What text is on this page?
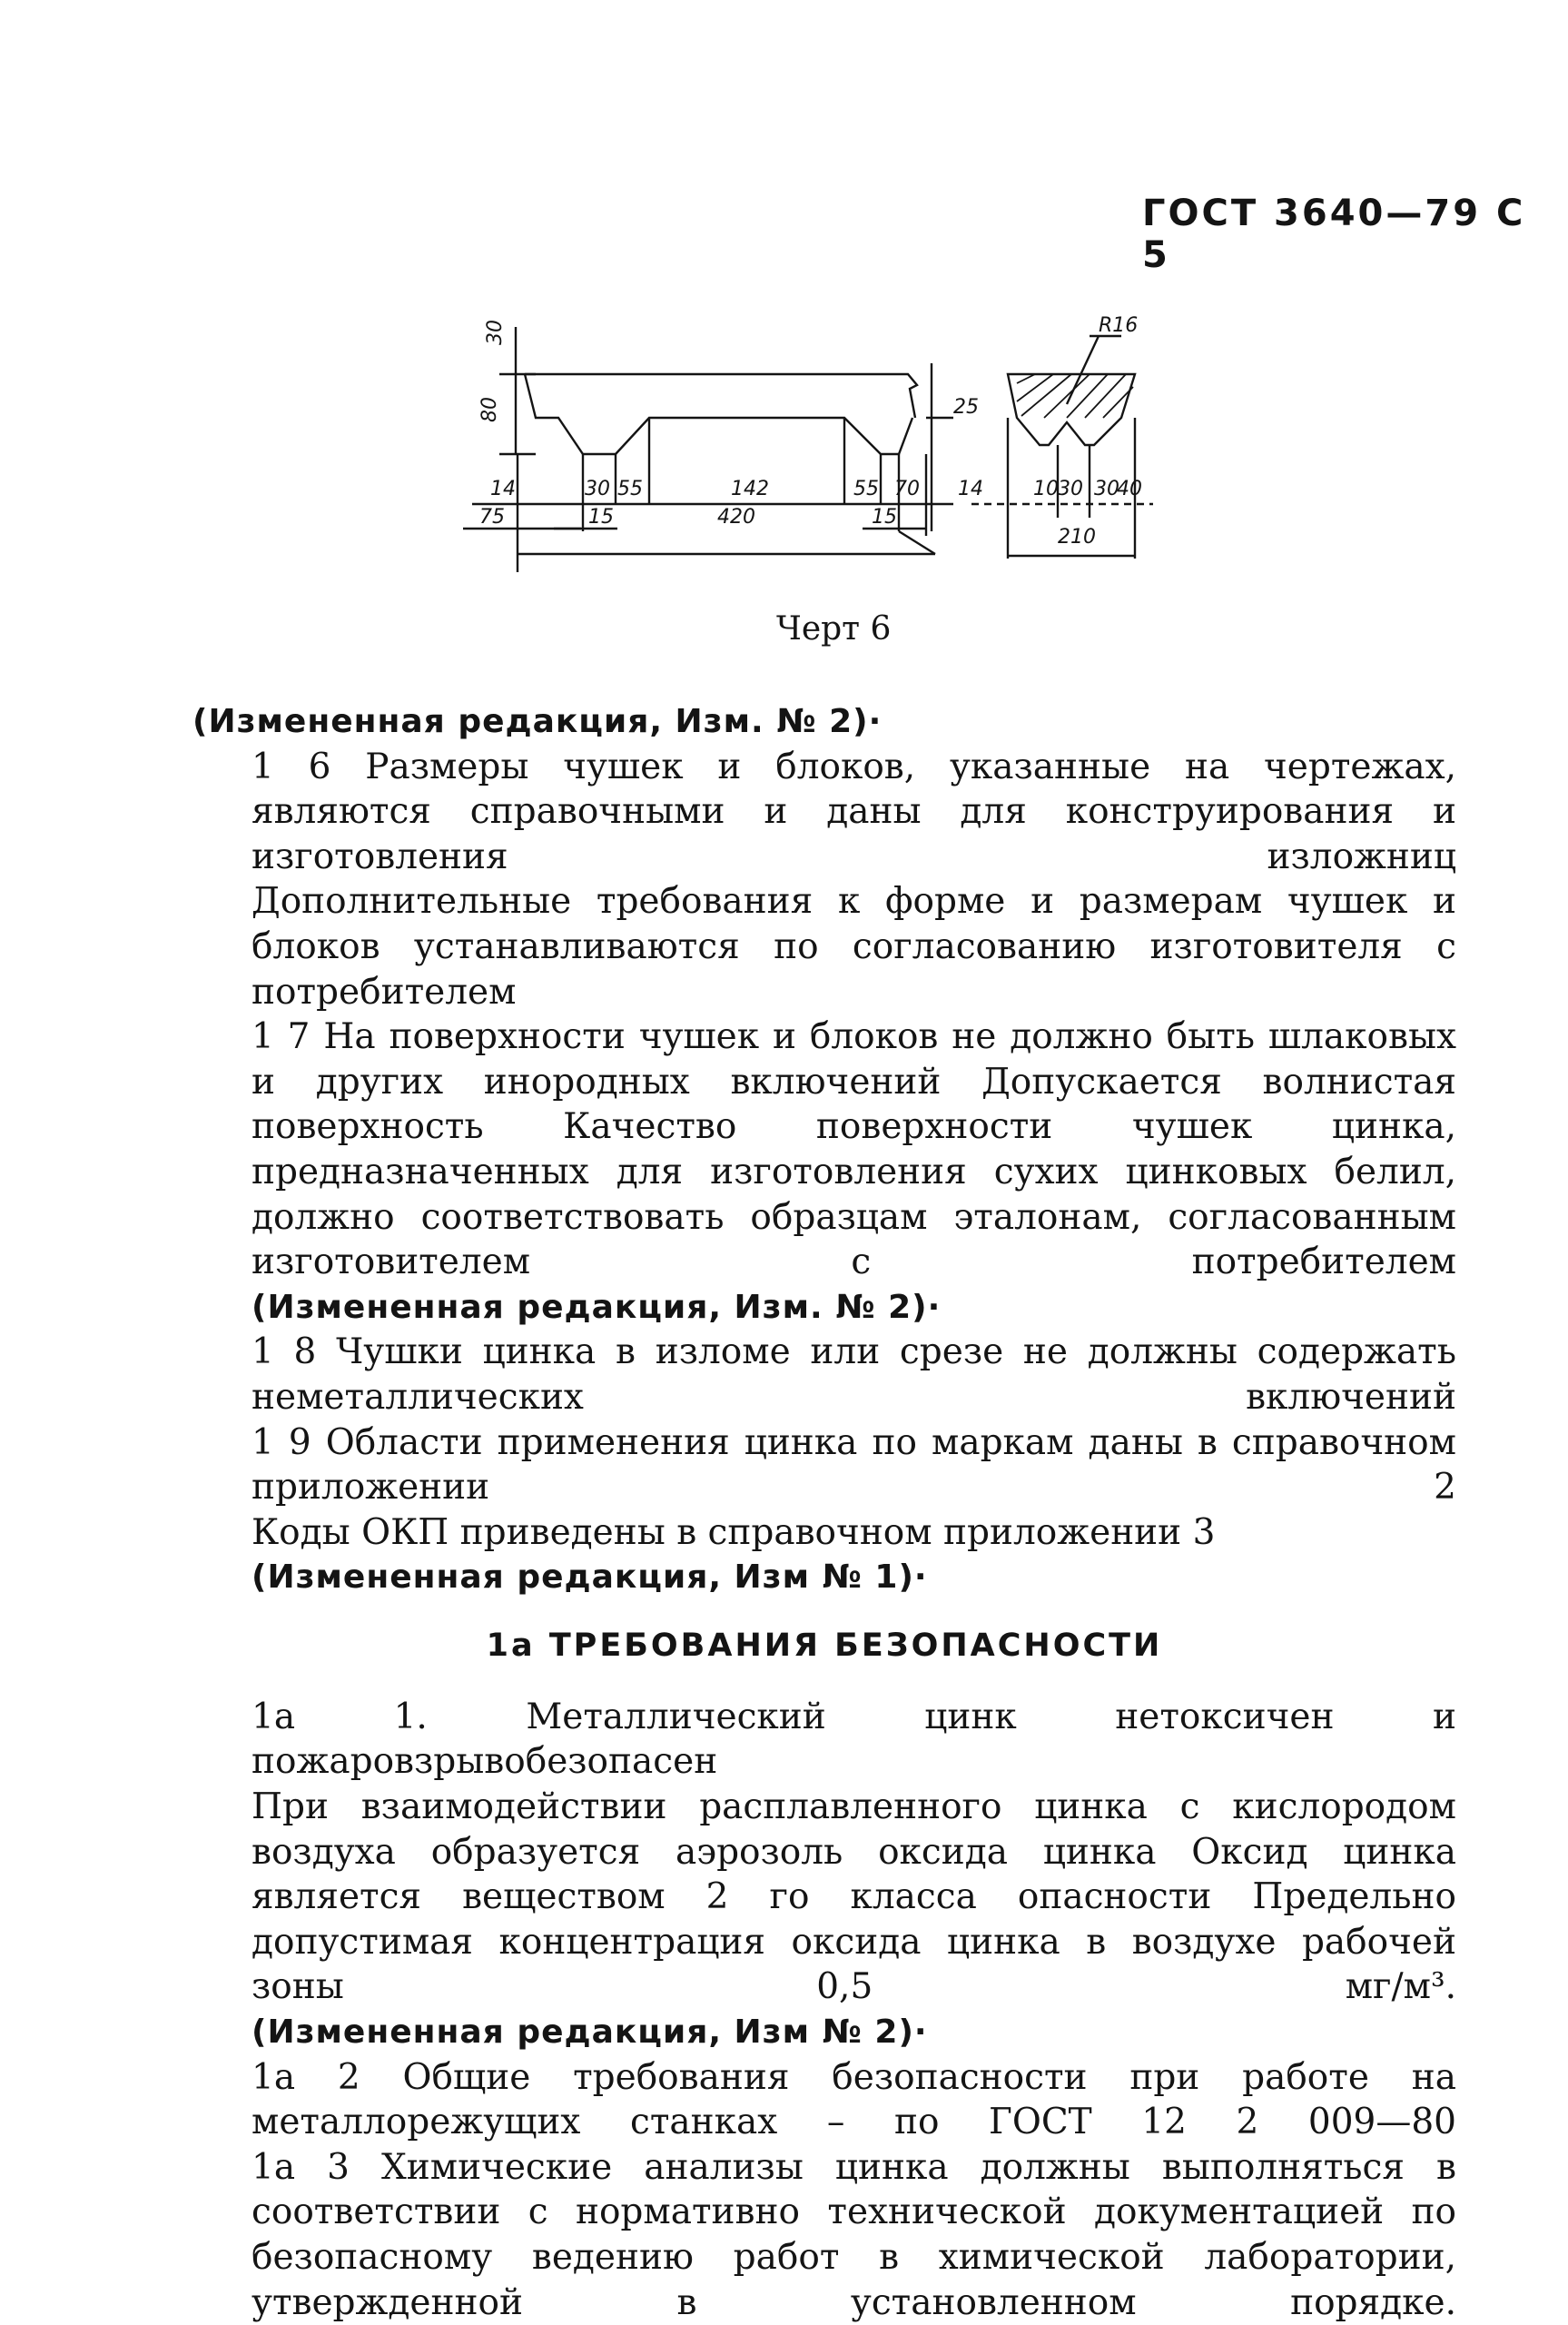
ГОСТ 3640—79 С 5
30
80
14
75
30 55	142	55 70
15	420	15
25
14
R16
10 30 30
40
210
Черт 6
(Измененная редакция, Изм. № 2)·
1 6 Размеры чушек и блоков, указанные на чертежах, являются справочными и даны для конструирования и изготовления изложниц
Дополнительные требования к форме и размерам чушек и блоков устанавливаются по согласованию изготовителя с потребителем
1 7 На поверхности чушек и блоков не должно быть шлаковых и других инородных включений Допускается волнистая поверхность Качество поверхности чушек цинка, предназначенных для изготовления сухих цинковых белил, должно соответствовать образцам эталонам, согласованным изготовителем с потребителем
(Измененная редакция, Изм. № 2)·
1 8 Чушки цинка в изломе или срезе не должны содержать неметаллических включений
1 9 Области применения цинка по маркам даны в справочном приложении 2
Коды ОКП приведены в справочном приложении 3
(Измененная редакция, Изм № 1)·
1а ТРЕБОВАНИЯ БЕЗОПАСНОСТИ
1а 1. Металлический цинк нетоксичен и пожаровзрывобезопасен
При взаимодействии расплавленного цинка с кислородом воздуха образуется аэрозоль оксида цинка Оксид цинка является веществом 2 го класса опасности Предельно допустимая концентрация оксида цинка в воздухе рабочей зоны 0,5 мг/м³.
(Измененная редакция, Изм № 2)·
1а 2 Общие требования безопасности при работе на металлорежущих станках – по ГОСТ 12 2 009—80
1а 3 Химические анализы цинка должны выполняться в соответствии с нормативно технической документацией по безопасному ведению работ в химической лаборатории, утвержденной в установленном порядке.
